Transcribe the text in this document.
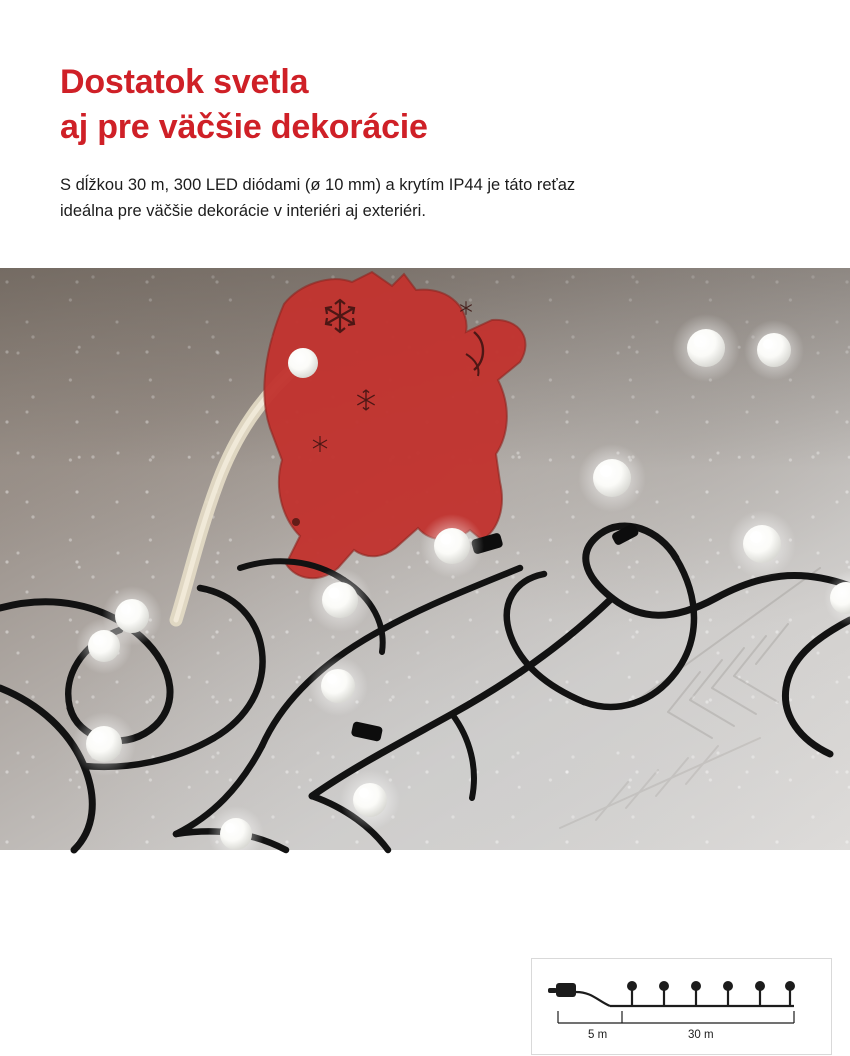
Dostatok svetla
aj pre väčšie dekorácie

S dĺžkou 30 m, 300 LED diódami (ø 10 mm) a krytím IP44 je táto reťaz
ideálna pre väčšie dekorácie v interiéri aj exteriéri.

5 m	30 m
